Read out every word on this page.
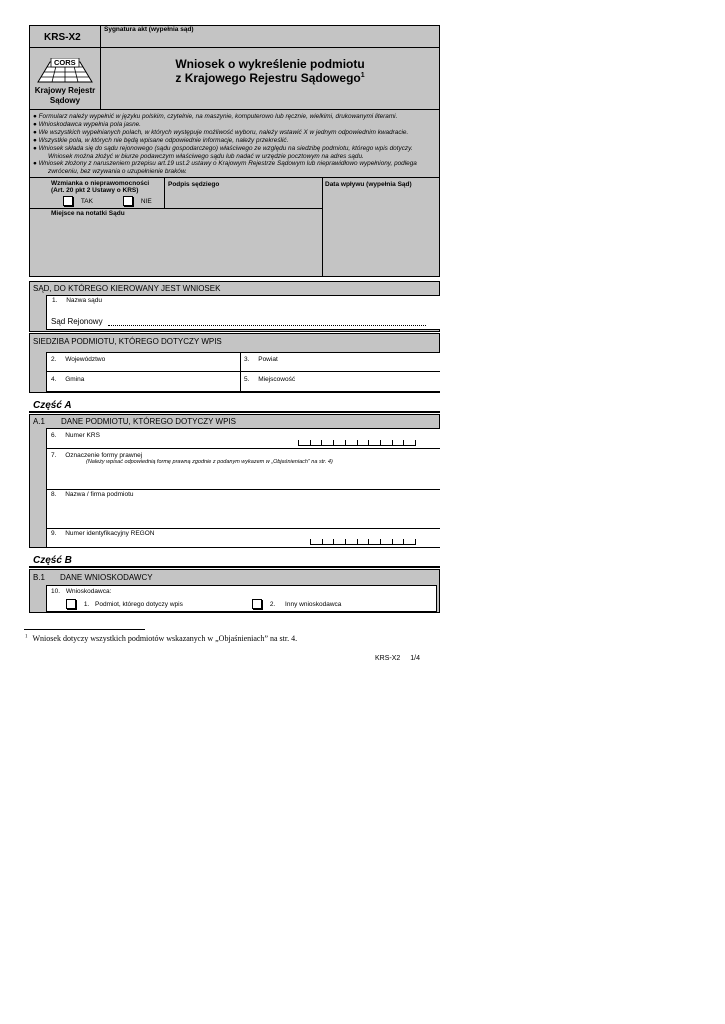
KRS-X2
Sygnatura akt (wypełnia sąd)
CORS
Krajowy Rejestr
Sądowy
Wniosek o wykreślenie podmiotu
z Krajowego Rejestru Sądowego$^1$
● Formularz należy wypełnić w języku polskim, czytelnie, na maszynie, komputerowo lub ręcznie, wielkimi, drukowanymi literami.
● Wnioskodawca wypełnia pola jasne.
● We wszystkich wypełnianych polach, w których występuje możliwość wyboru, należy wstawić X w jednym odpowiednim kwadracie.
● Wszystkie pola, w których nie będą wpisane odpowiednie informacje, należy przekreślić.
● Wniosek składa się do sądu rejonowego (sądu gospodarczego) właściwego ze względu na siedzibę podmiotu, którego wpis dotyczy.
Wniosek można złożyć w biurze podawczym właściwego sądu lub nadać w urzędzie pocztowym na adres sądu.
● Wniosek złożony z naruszeniem przepisu art.19 ust.2 ustawy o Krajowym Rejestrze Sądowym lub nieprawidłowo wypełniony, podlega
zwróceniu, bez wzywania o uzupełnienie braków.
Wzmianka o nieprawomocności
(Art. 20 pkt 2 Ustawy o KRS)
TAK	NIE
Podpis sędziego	Data wpływu (wypełnia Sąd)
Miejsce na notatki Sądu
SĄD, DO KTÓREGO KIEROWANY JEST WNIOSEK
1. Nazwa sądu
Sąd Rejonowy
SIEDZIBA PODMIOTU, KTÓREGO DOTYCZY WPIS
2. Województwo	3. Powiat
4. Gmina	5. Miejscowość
Część A
A.1 DANE PODMIOTU, KTÓREGO DOTYCZY WPIS
6. Numer KRS
7. Oznaczenie formy prawnej
(Należy wpisać odpowiednią formę prawną zgodnie z podanym wykazem w „Objaśnieniach” na str. 4)
8. Nazwa / firma podmiotu
9. Numer identyfikacyjny REGON
Część B
B.1 DANE WNIOSKODAWCY
10. Wnioskodawca:
1. Podmiot, którego dotyczy wpis	2. Inny wnioskodawca
$^1$ Wniosek dotyczy wszystkich podmiotów wskazanych w „Objaśnieniach” na str. 4.
KRS-X2 1/4
